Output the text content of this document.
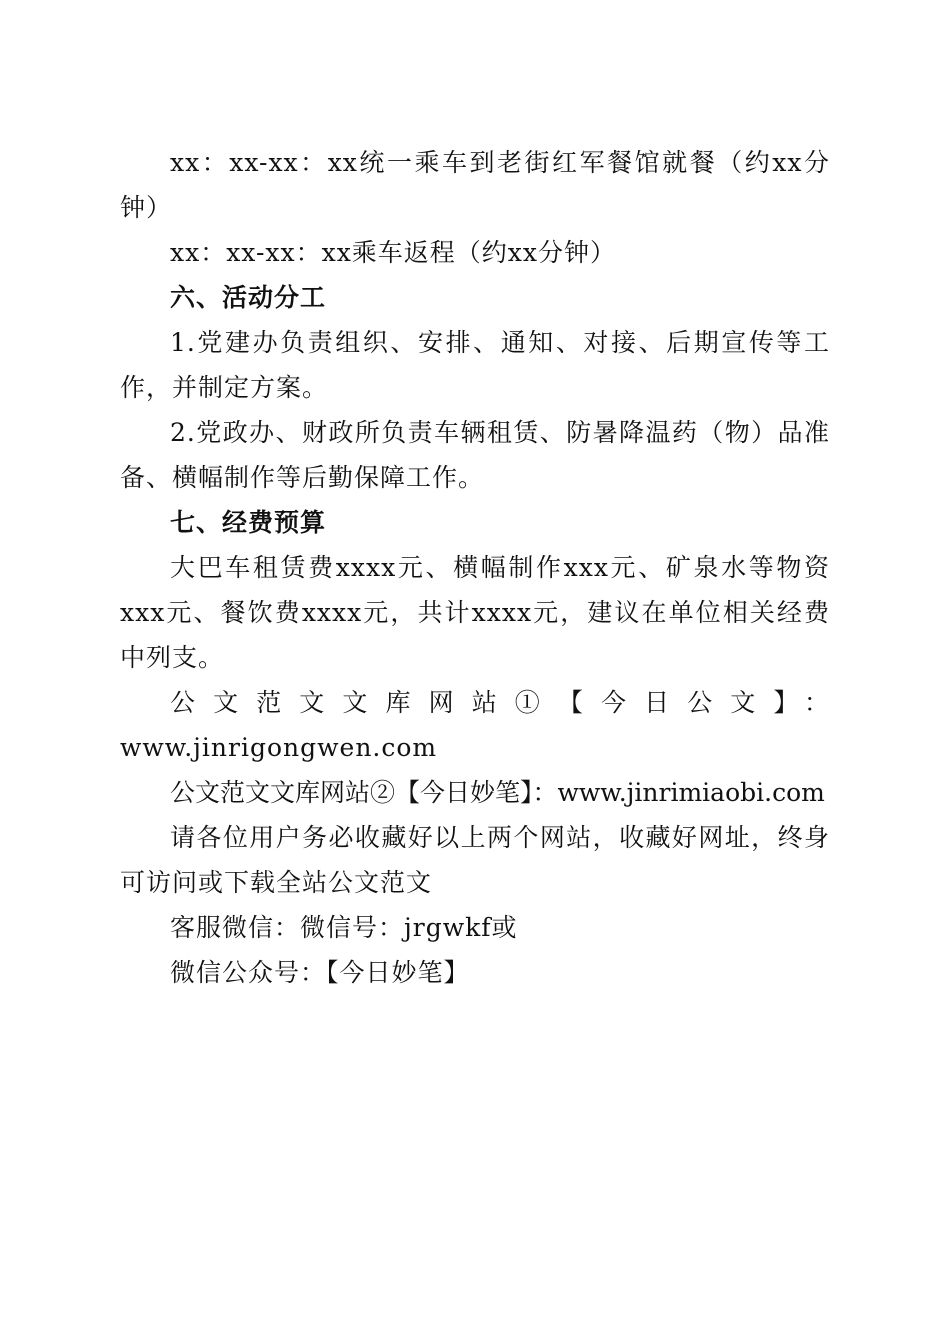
xx：xx-xx：xx统一乘车到老街红军餐馆就餐（约xx分钟）

xx：xx-xx：xx乘车返程（约xx分钟）

六、活动分工

1.党建办负责组织、安排、通知、对接、后期宣传等工作，并制定方案。

2.党政办、财政所负责车辆租赁、防暑降温药（物）品准备、横幅制作等后勤保障工作。

七、经费预算

大巴车租赁费xxxx元、横幅制作xxx元、矿泉水等物资xxx元、餐饮费xxxx元，共计xxxx元，建议在单位相关经费中列支。

公文范文文库网站①【今日公文】：
www.jinrigongwen.com

公文范文文库网站②【今日妙笔】：www.jinrimiaobi.com

请各位用户务必收藏好以上两个网站，收藏好网址，终身可访问或下载全站公文范文

客服微信：微信号：jrgwkf或

微信公众号：【今日妙笔】
